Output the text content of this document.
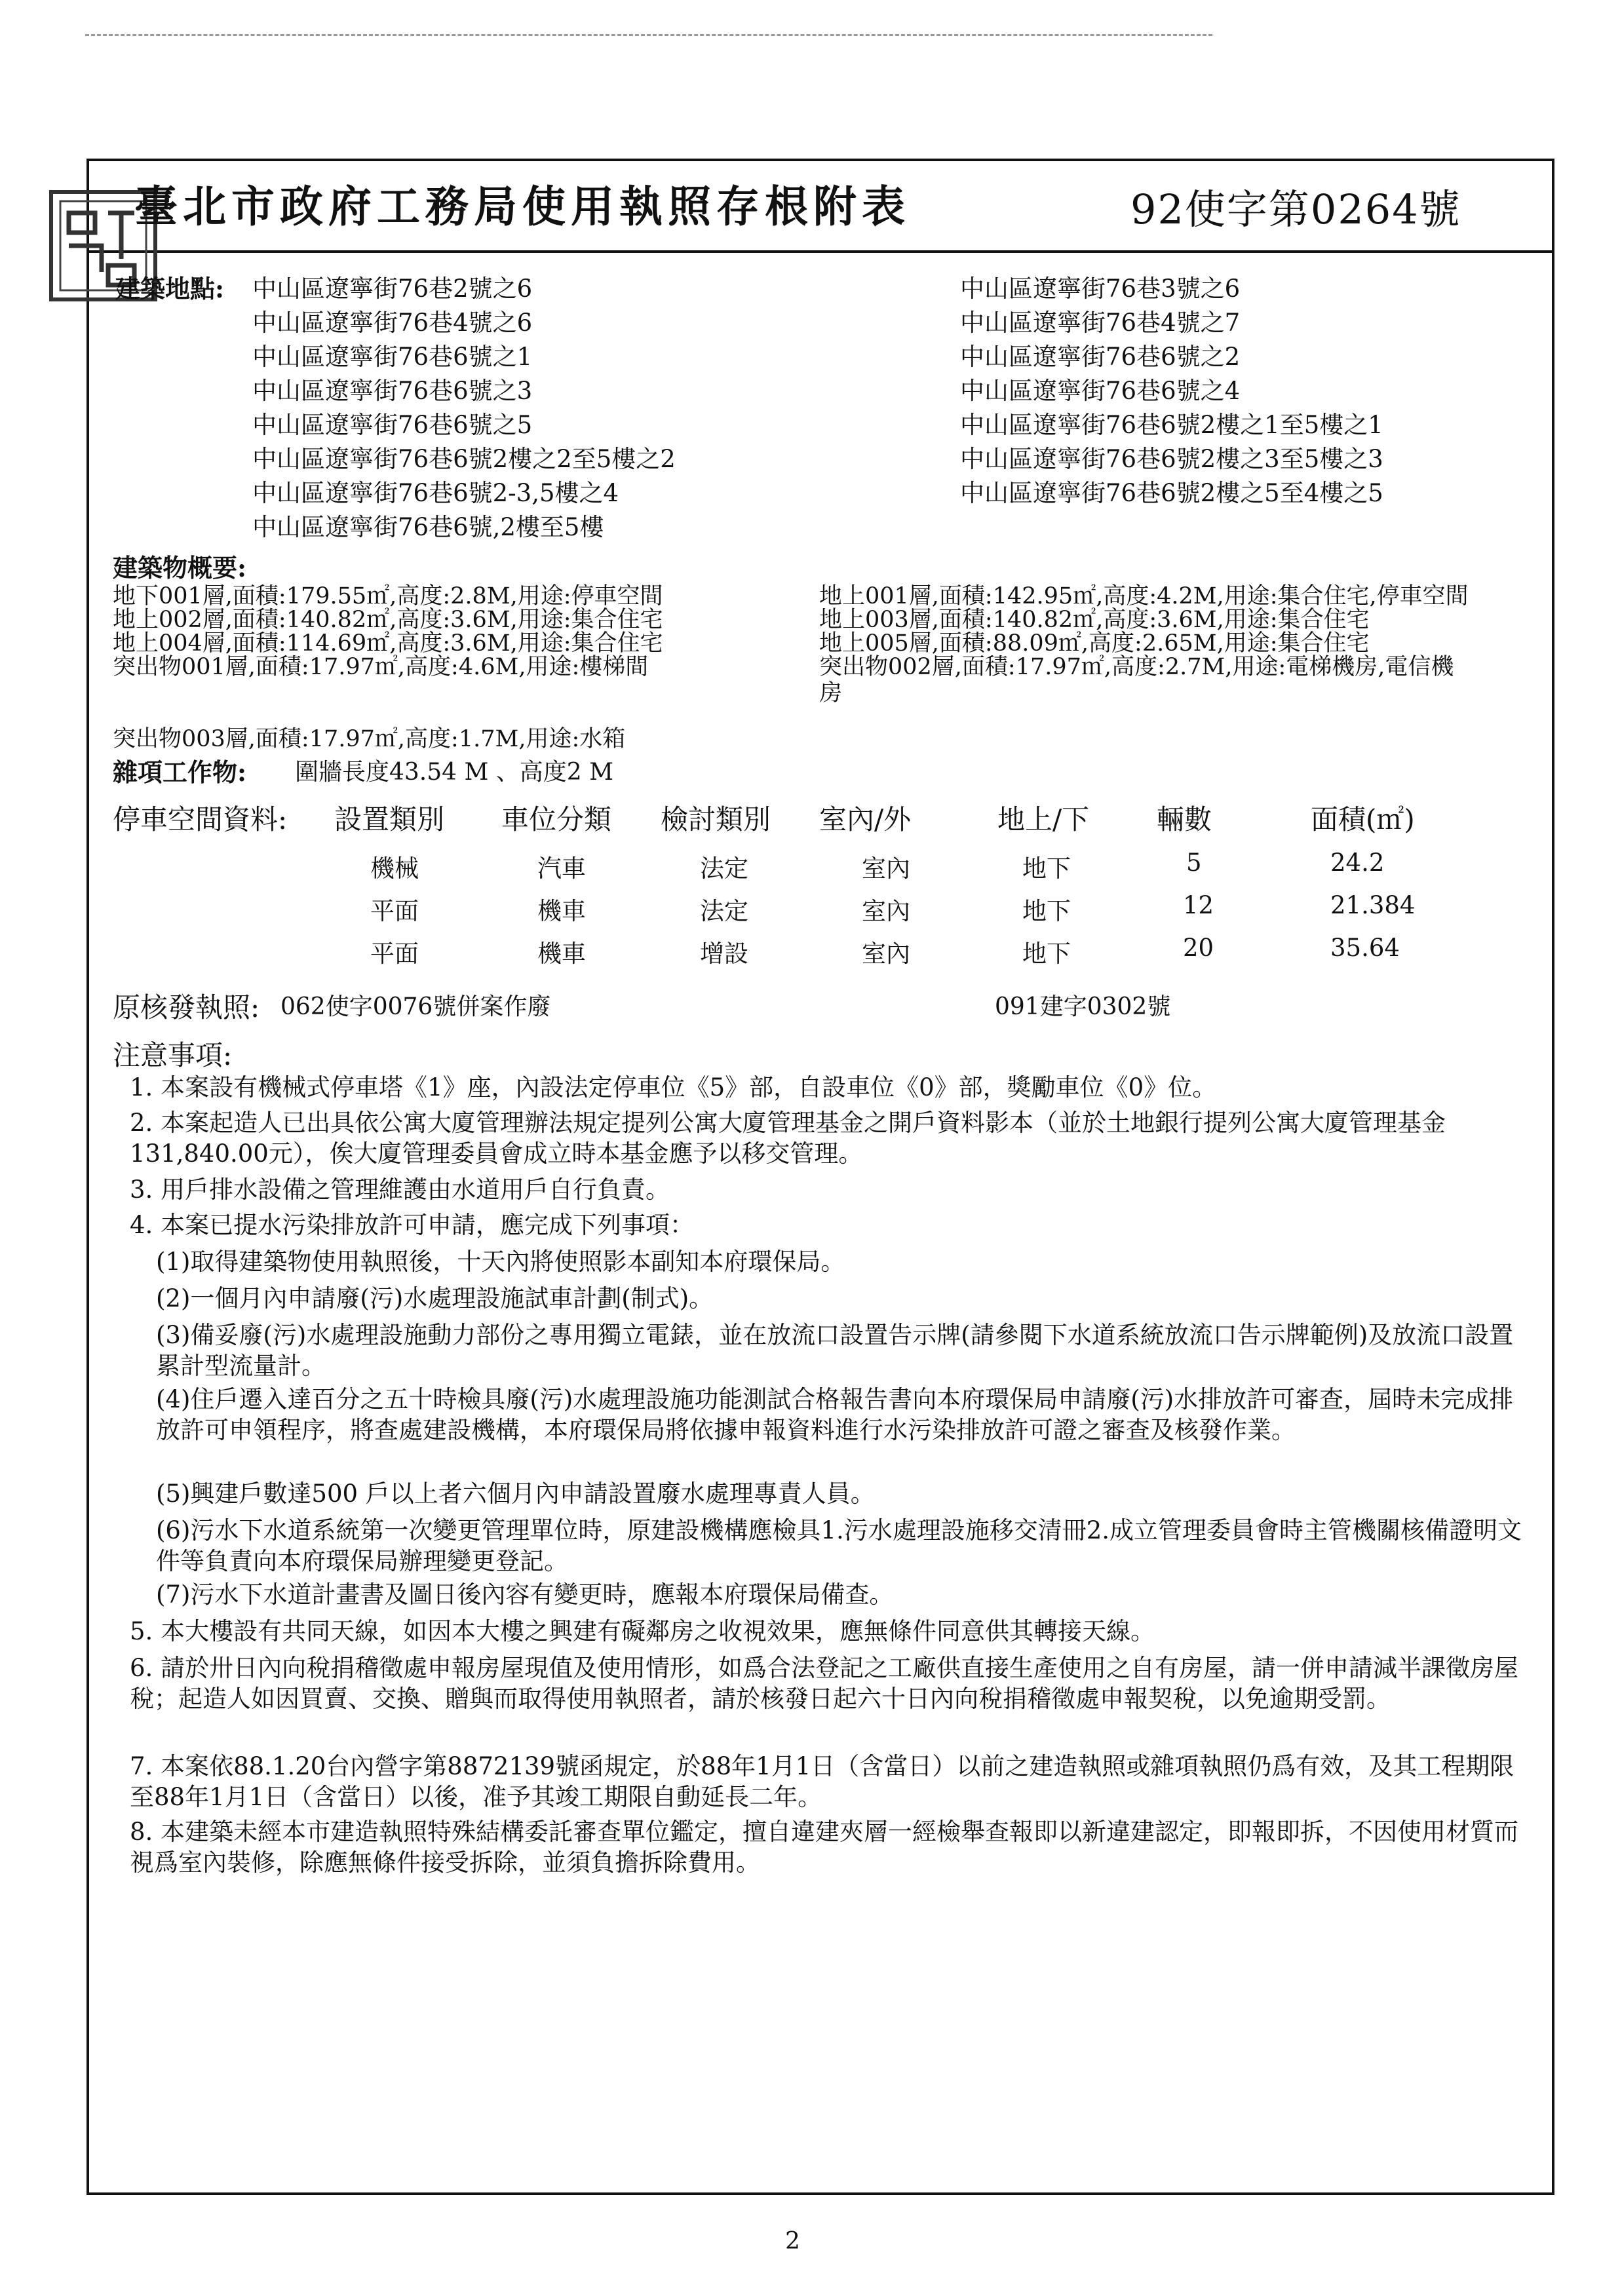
臺北市政府工務局使用執照存根附表	92使字第0264號
建築地點: 中山區遼寧街76巷2號之6
中山區遼寧街76巷4號之6
中山區遼寧街76巷6號之1
中山區遼寧街76巷6號之3
中山區遼寧街76巷6號之5
中山區遼寧街76巷6號2樓之2至5樓之2
中山區遼寧街76巷6號2-3,5樓之4
中山區遼寧街76巷6號,2樓至5樓
中山區遼寧街76巷3號之6
中山區遼寧街76巷4號之7
中山區遼寧街76巷6號之2
中山區遼寧街76巷6號之4
中山區遼寧街76巷6號2樓之1至5樓之1
中山區遼寧街76巷6號2樓之3至5樓之3
中山區遼寧街76巷6號2樓之5至4樓之5
建築物概要:
地下001層,面積:179.55㎡,高度:2.8M,用途:停車空間
地上002層,面積:140.82㎡,高度:3.6M,用途:集合住宅
地上004層,面積:114.69㎡,高度:3.6M,用途:集合住宅
突出物001層,面積:17.97㎡,高度:4.6M,用途:樓梯間
地上001層,面積:142.95㎡,高度:4.2M,用途:集合住宅,停車空間
地上003層,面積:140.82㎡,高度:3.6M,用途:集合住宅
地上005層,面積:88.09㎡,高度:2.65M,用途:集合住宅
突出物002層,面積:17.97㎡,高度:2.7M,用途:電梯機房,電信機
房
突出物003層,面積:17.97㎡,高度:1.7M,用途:水箱
雜項工作物: 圍牆長度43.54 M 、高度2 M
停車空間資料: 設置類別 車位分類 檢討類別 室內/外	地上/下 輛數	面積(㎡)
機械	汽車	法定	室內	地下	5	24.2
平面	機車	法定	室內	地下	12	21.384
平面	機車	增設	室內	地下	20	35.64
原核發執照: 062使字0076號併案作廢	091建字0302號
注意事項:
1. 本案設有機械式停車塔《1》座，內設法定停車位《5》部，自設車位《0》部，獎勵車位《0》位。
2. 本案起造人已出具依公寓大廈管理辦法規定提列公寓大廈管理基金之開戶資料影本（並於土地銀行提列公寓大廈管理基金131,840.00元），俟大廈管理委員會成立時本基金應予以移交管理。
3. 用戶排水設備之管理維護由水道用戶自行負責。
4. 本案已提水污染排放許可申請，應完成下列事項：
(1)取得建築物使用執照後，十天內將使照影本副知本府環保局。
(2)一個月內申請廢(污)水處理設施試車計劃(制式)。
(3)備妥廢(污)水處理設施動力部份之專用獨立電錶，並在放流口設置告示牌(請參閱下水道系統放流口告示牌範例)及放流口設置累計型流量計。
(4)住戶遷入達百分之五十時檢具廢(污)水處理設施功能測試合格報告書向本府環保局申請廢(污)水排放許可審查，屆時未完成排放許可申領程序，將查處建設機構，本府環保局將依據申報資料進行水污染排放許可證之審查及核發作業。
(5)興建戶數達500 戶以上者六個月內申請設置廢水處理專責人員。
(6)污水下水道系統第一次變更管理單位時，原建設機構應檢具1.污水處理設施移交清冊2.成立管理委員會時主管機關核備證明文件等負責向本府環保局辦理變更登記。
(7)污水下水道計畫書及圖日後內容有變更時，應報本府環保局備查。
5. 本大樓設有共同天線，如因本大樓之興建有礙鄰房之收視效果，應無條件同意供其轉接天線。
6. 請於卅日內向稅捐稽徵處申報房屋現值及使用情形，如爲合法登記之工廠供直接生產使用之自有房屋，請一併申請減半課徵房屋稅；起造人如因買賣、交換、贈與而取得使用執照者，請於核發日起六十日內向稅捐稽徵處申報契稅，以免逾期受罰。
7. 本案依88.1.20台內營字第8872139號函規定，於88年1月1日（含當日）以前之建造執照或雜項執照仍爲有效，及其工程期限至88年1月1日（含當日）以後，准予其竣工期限自動延長二年。
8. 本建築未經本市建造執照特殊結構委託審查單位鑑定，擅自違建夾層一經檢舉查報即以新違建認定，即報即拆，不因使用材質而視爲室內裝修，除應無條件接受拆除，並須負擔拆除費用。
2
